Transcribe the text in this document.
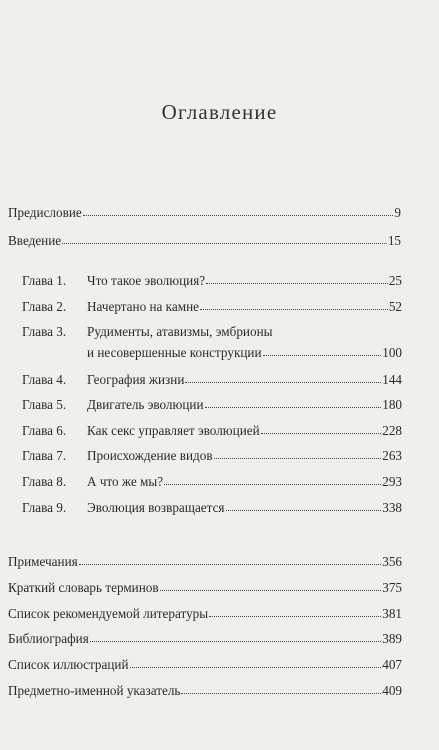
Оглавление
Предисловие	9
Введение	15
Глава 1.	Что такое эволюция?	25
Глава 2.	Начертано на камне	52
Глава 3. Рудименты, атавизмы, эмбрионы
и несовершенные конструкции	100
Глава 4.	География жизни	144
Глава 5.	Двигатель эволюции	180
Глава 6.	Как секс управляет эволюцией	228
Глава 7.	Происхождение видов	263
Глава 8.	А что же мы?	293
Глава 9.	Эволюция возвращается	338
Примечания	356
Краткий словарь терминов	375
Список рекомендуемой литературы	381
Библиография	389
Список иллюстраций	407
Предметно-именной указатель	409
